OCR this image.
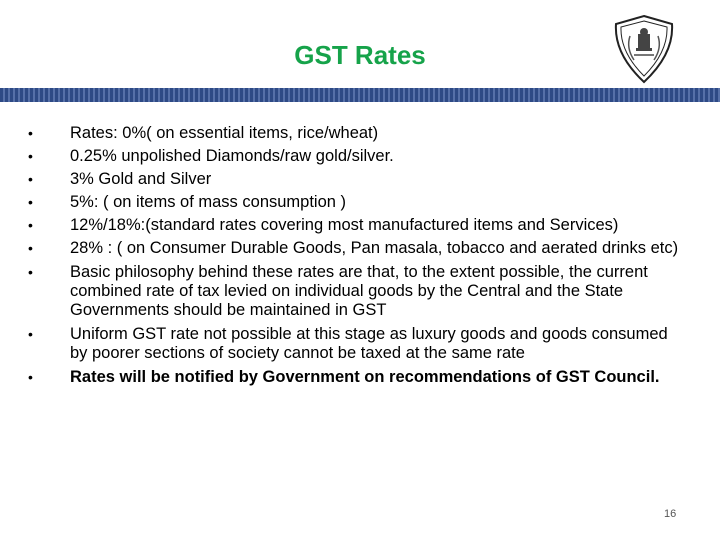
GST Rates
• Rates: 0%( on essential items, rice/wheat)
• 0.25% unpolished Diamonds/raw gold/silver.
• 3% Gold and Silver
• 5%: ( on items of mass consumption )
• 12%/18%:(standard rates covering most manufactured items and Services)
• 28% : ( on Consumer Durable Goods, Pan masala, tobacco and aerated drinks etc)
• Basic philosophy behind these rates are that, to the extent possible, the current combined rate of tax levied on individual goods by the Central and the State Governments should be maintained in GST
• Uniform GST rate not possible at this stage as luxury goods and goods consumed by poorer sections of society cannot be taxed at the same rate
• Rates will be notified by Government on recommendations of GST Council.
16
